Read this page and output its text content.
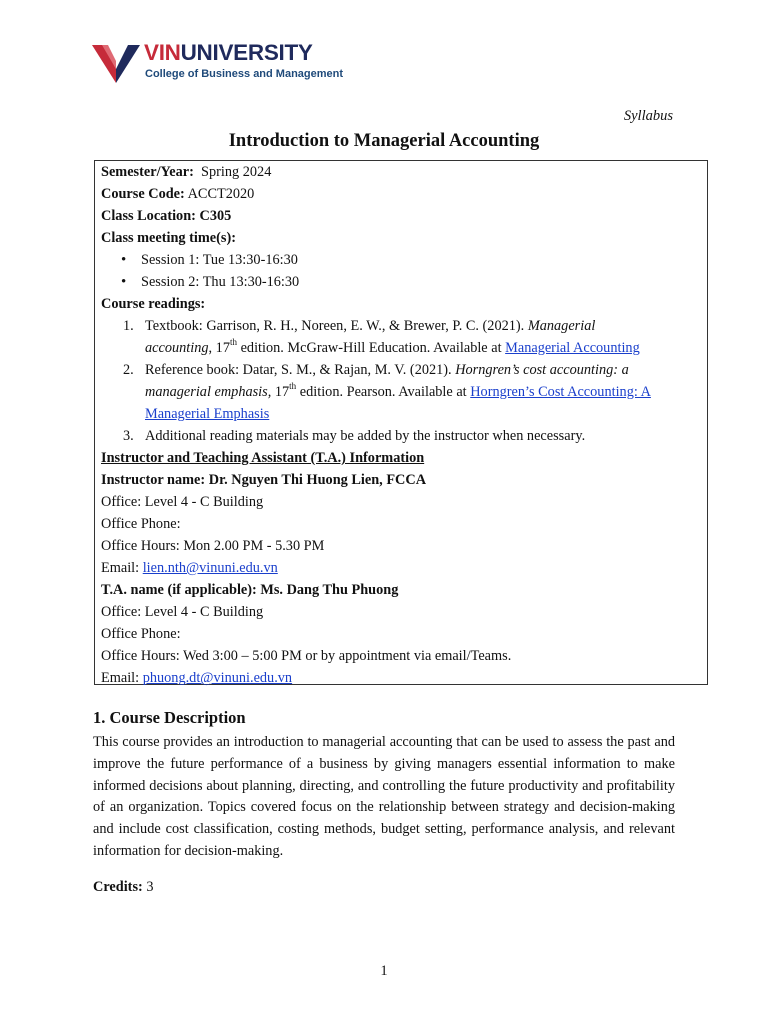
VINUNIVERSITY
College of Business and Management
Syllabus
Introduction to Managerial Accounting
Semester/Year: Spring 2024
Course Code: ACCT2020
Class Location: C305
Class meeting time(s):
• Session 1: Tue 13:30-16:30
• Session 2: Thu 13:30-16:30
Course readings:
1. Textbook: Garrison, R. H., Noreen, E. W., & Brewer, P. C. (2021). Managerial
accounting, 17th edition. McGraw-Hill Education. Available at Managerial Accounting
2. Reference book: Datar, S. M., & Rajan, M. V. (2021). Horngren’s cost accounting: a
managerial emphasis, 17th edition. Pearson. Available at Horngren’s Cost Accounting: A
Managerial Emphasis
3. Additional reading materials may be added by the instructor when necessary.
Instructor and Teaching Assistant (T.A.) Information
Instructor name: Dr. Nguyen Thi Huong Lien, FCCA
Office: Level 4 - C Building
Office Phone:
Office Hours: Mon 2.00 PM - 5.30 PM
Email: lien.nth@vinuni.edu.vn
T.A. name (if applicable): Ms. Dang Thu Phuong
Office: Level 4 - C Building
Office Phone:
Office Hours: Wed 3:00 – 5:00 PM or by appointment via email/Teams.
Email: phuong.dt@vinuni.edu.vn
1. Course Description
This course provides an introduction to managerial accounting that can be used to assess the past and improve the future performance of a business by giving managers essential information to make informed decisions about planning, directing, and controlling the future productivity and profitability of an organization. Topics covered focus on the relationship between strategy and decision-making and include cost classification, costing methods, budget setting, performance analysis, and relevant information for decision-making.
Credits: 3
1
